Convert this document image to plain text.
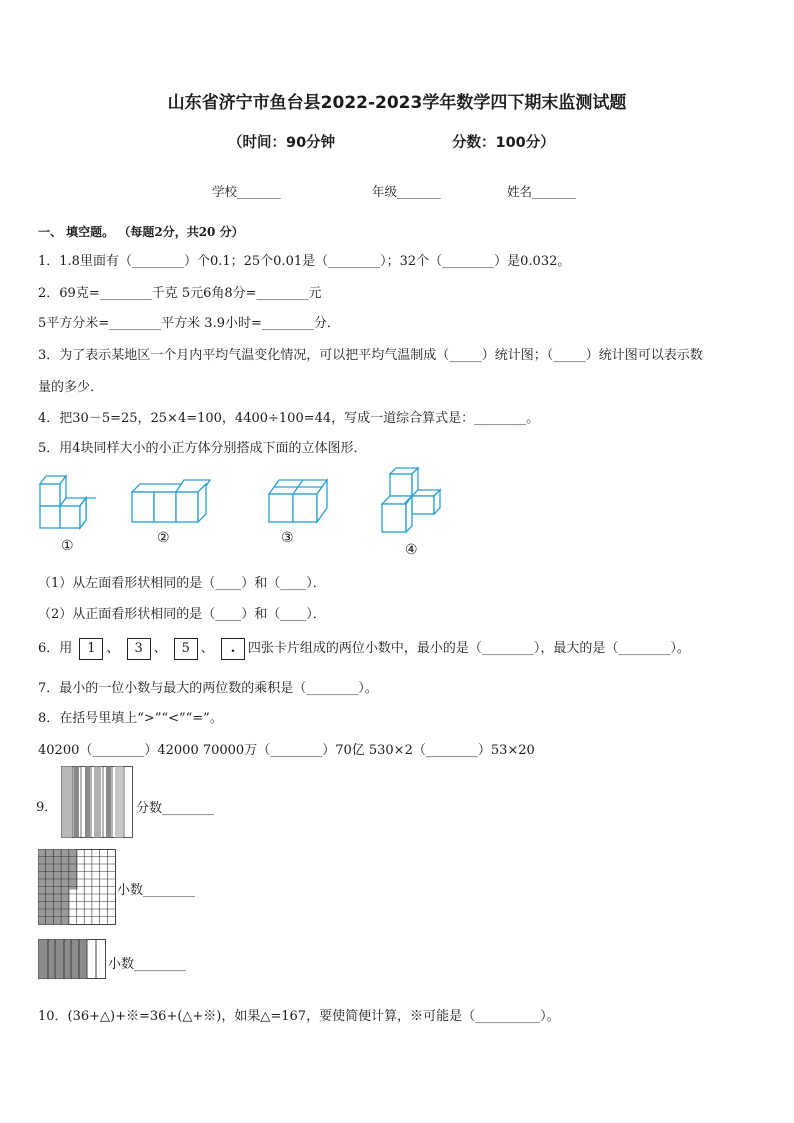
山东省济宁市鱼台县2022-2023学年数学四下期末监测试题
（时间：90分钟	分数：100分）
学校_______	年级_______	姓名_______
一、 填空题。 （每题2分，共20 分）
1．1.8里面有（________）个0.1；25个0.01是（________）；32个（________）是0.032。
2．69克=________千克 5元6角8分=________元
5平方分米=________平方米 3.9小时=________分．
3．为了表示某地区一个月内平均气温变化情况，可以把平均气温制成（_____）统计图；（_____）统计图可以表示数
量的多少．
4．把30－5=25，25×4=100，4400÷100=44，写成一道综合算式是：________。
5．用4块同样大小的小正方体分别搭成下面的立体图形．
①	②	③
④
（1）从左面看形状相同的是（____）和（____）．
（2）从正面看形状相同的是（____）和（____）．
6．用 1 、 3 、 5 、 . 四张卡片组成的两位小数中，最小的是（________），最大的是（________）。
7．最小的一位小数与最大的两位数的乘积是（________）。
8．在括号里填上“>”“<”“=”。
40200（________）42000 70000万（________）70亿 530×2（________）53×20
9．	分数________
小数________
小数________
10．(36+△)+※=36+(△+※)，如果△=167，要使简便计算，※可能是（__________）。
